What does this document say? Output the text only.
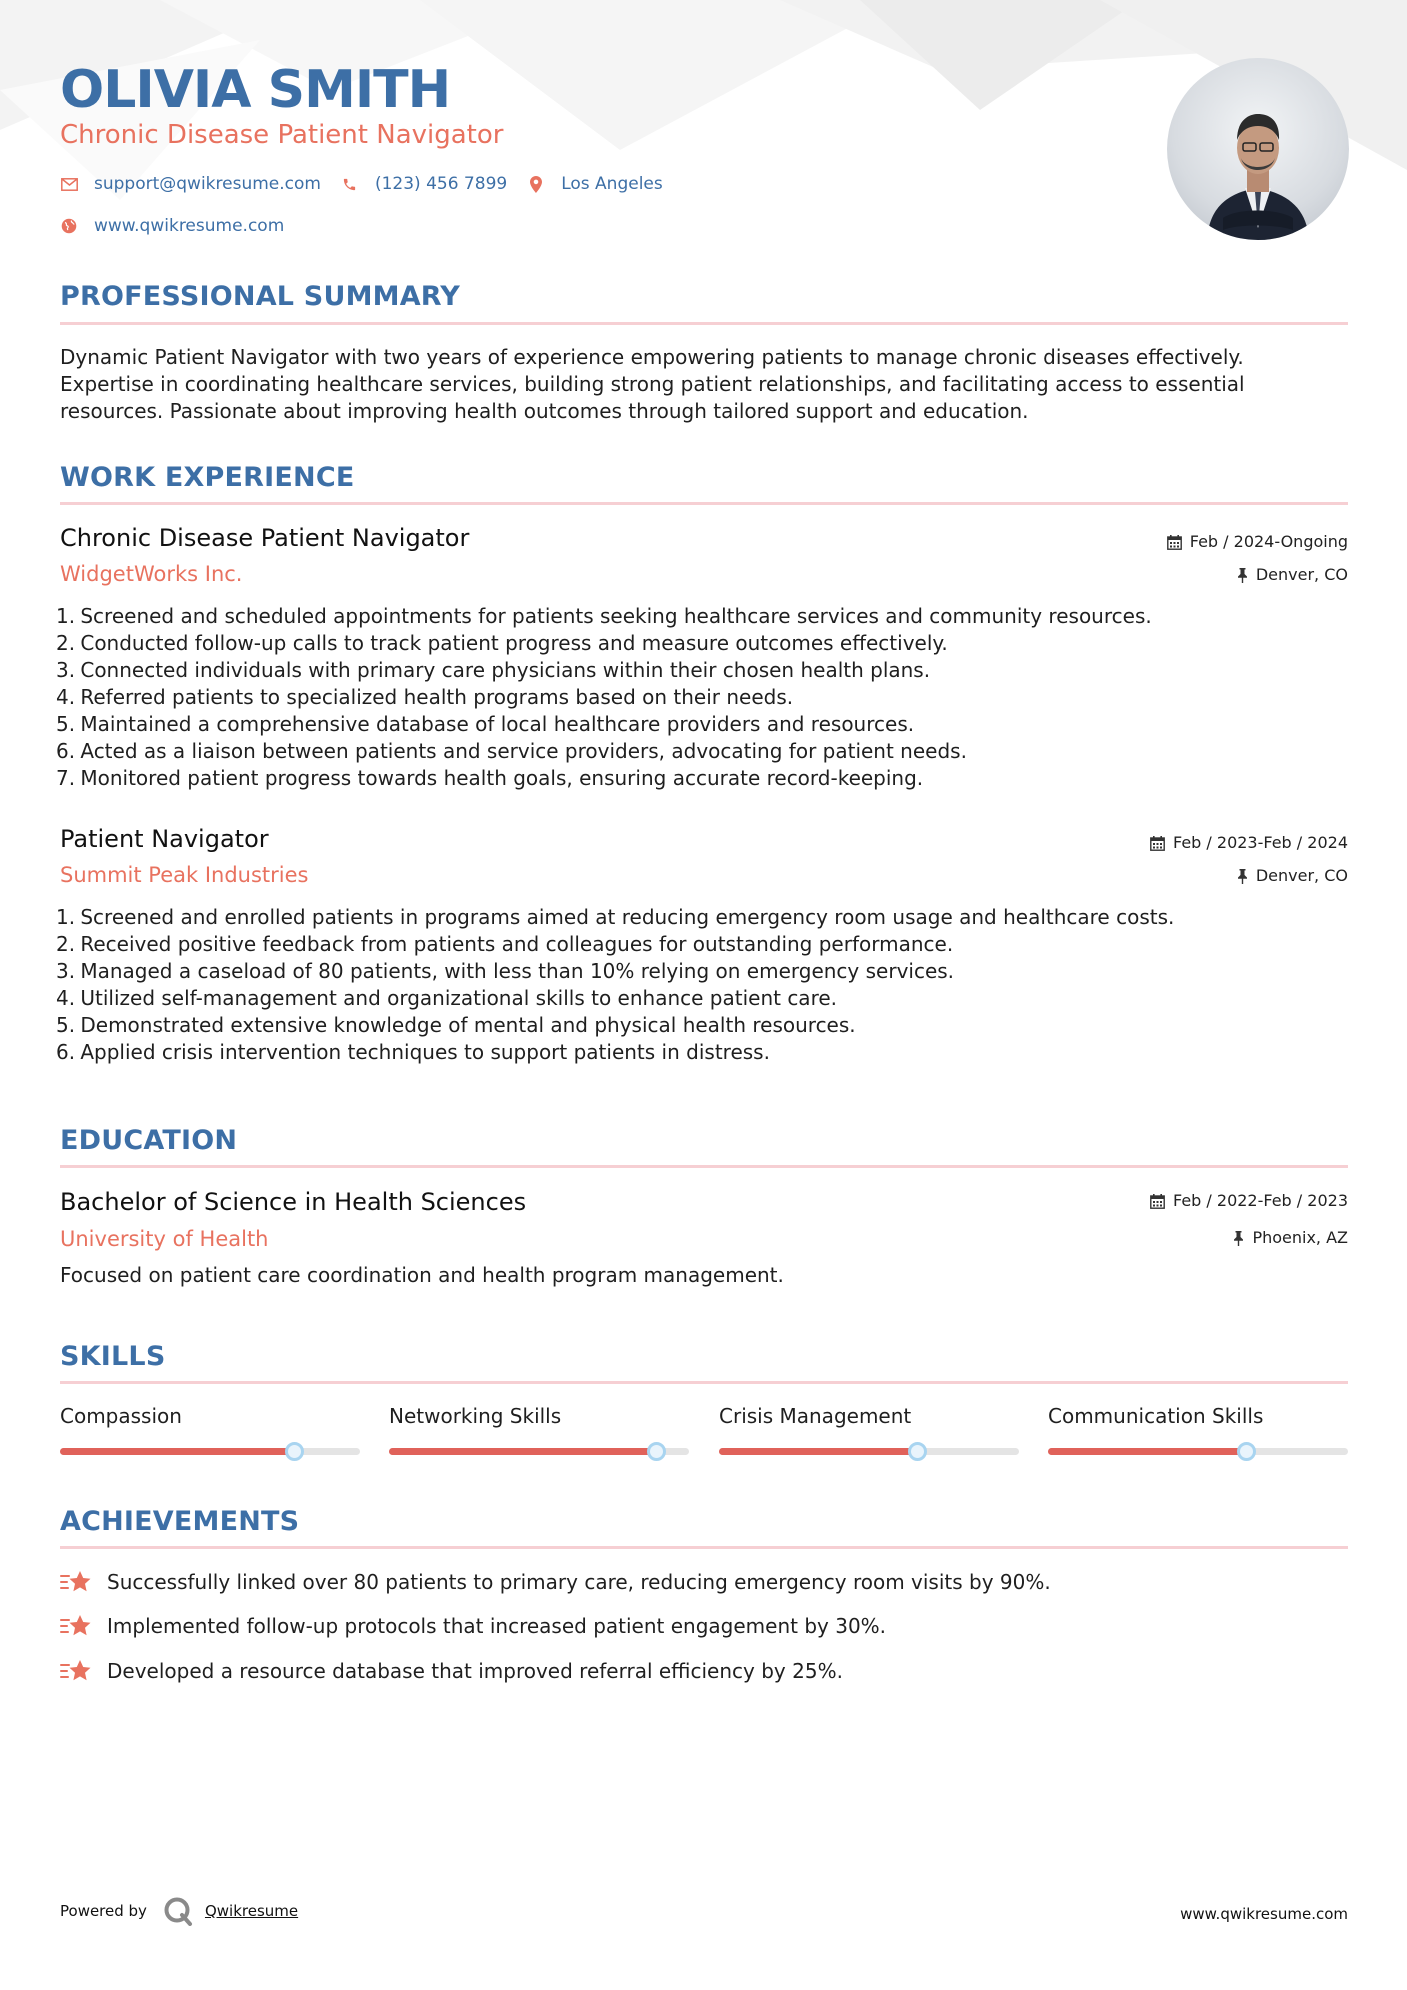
OLIVIA SMITH
Chronic Disease Patient Navigator
support@qwikresume.com	(123) 456 7899	Los Angeles
www.qwikresume.com
PROFESSIONAL SUMMARY
Dynamic Patient Navigator with two years of experience empowering patients to manage chronic diseases effectively.
Expertise in coordinating healthcare services, building strong patient relationships, and facilitating access to essential
resources. Passionate about improving health outcomes through tailored support and education.
WORK EXPERIENCE
Chronic Disease Patient Navigator	Feb / 2024-Ongoing
WidgetWorks Inc.	Denver, CO
1. Screened and scheduled appointments for patients seeking healthcare services and community resources.
2. Conducted follow-up calls to track patient progress and measure outcomes effectively.
3. Connected individuals with primary care physicians within their chosen health plans.
4. Referred patients to specialized health programs based on their needs.
5. Maintained a comprehensive database of local healthcare providers and resources.
6. Acted as a liaison between patients and service providers, advocating for patient needs.
7. Monitored patient progress towards health goals, ensuring accurate record-keeping.
Patient Navigator	Feb / 2023-Feb / 2024
Summit Peak Industries	Denver, CO
1. Screened and enrolled patients in programs aimed at reducing emergency room usage and healthcare costs.
2. Received positive feedback from patients and colleagues for outstanding performance.
3. Managed a caseload of 80 patients, with less than 10% relying on emergency services.
4. Utilized self-management and organizational skills to enhance patient care.
5. Demonstrated extensive knowledge of mental and physical health resources.
6. Applied crisis intervention techniques to support patients in distress.
EDUCATION
Bachelor of Science in Health Sciences	Feb / 2022-Feb / 2023
University of Health	Phoenix, AZ
Focused on patient care coordination and health program management.
SKILLS
Compassion	Networking Skills	Crisis Management	Communication Skills
ACHIEVEMENTS
Successfully linked over 80 patients to primary care, reducing emergency room visits by 90%.
Implemented follow-up protocols that increased patient engagement by 30%.
Developed a resource database that improved referral efficiency by 25%.
Powered by	Qwikresume	www.qwikresume.com
